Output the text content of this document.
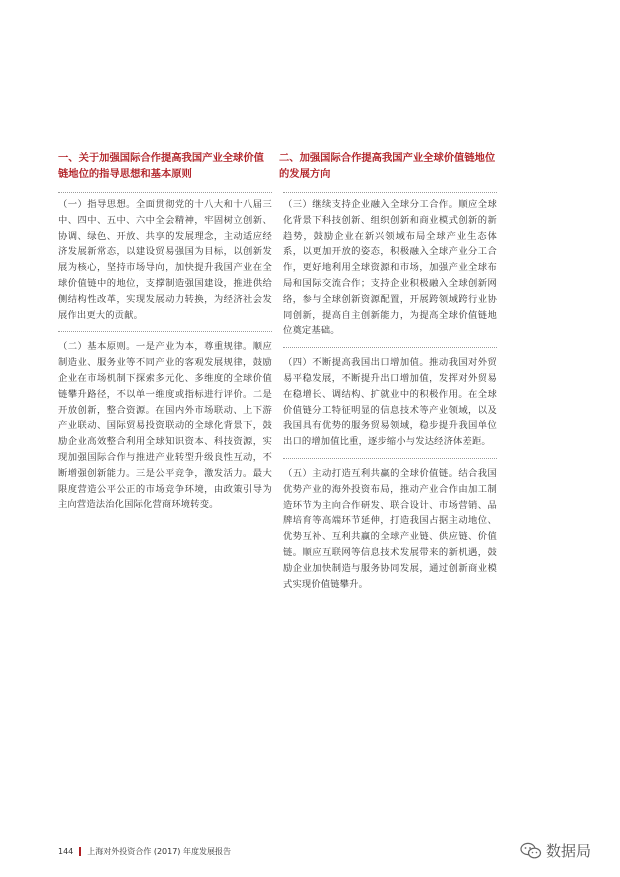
一、关于加强国际合作提高我国产业全球价值链地位的指导思想和基本原则
（一）指导思想。全面贯彻党的十八大和十八届三中、四中、五中、六中全会精神，牢固树立创新、协调、绿色、开放、共享的发展理念，主动适应经济发展新常态，以建设贸易强国为目标，以创新发展为核心，坚持市场导向，加快提升我国产业在全球价值链中的地位，支撑制造强国建设，推进供给侧结构性改革，实现发展动力转换，为经济社会发展作出更大的贡献。
（二）基本原则。一是产业为本，尊重规律。顺应制造业、服务业等不同产业的客观发展规律，鼓励企业在市场机制下探索多元化、多维度的全球价值链攀升路径，不以单一维度或指标进行评价。二是开放创新，整合资源。在国内外市场联动、上下游产业联动、国际贸易投资联动的全球化背景下，鼓励企业高效整合利用全球知识资本、科技资源，实现加强国际合作与推进产业转型升级良性互动，不断增强创新能力。三是公平竞争，激发活力。最大限度营造公平公正的市场竞争环境，由政策引导为主向营造法治化国际化营商环境转变。
二、加强国际合作提高我国产业全球价值链地位的发展方向
（三）继续支持企业融入全球分工合作。顺应全球化背景下科技创新、组织创新和商业模式创新的新趋势，鼓励企业在新兴领域布局全球产业生态体系，以更加开放的姿态，积极融入全球产业分工合作，更好地利用全球资源和市场，加强产业全球布局和国际交流合作；支持企业积极融入全球创新网络，参与全球创新资源配置，开展跨领域跨行业协同创新，提高自主创新能力，为提高全球价值链地位奠定基础。
（四）不断提高我国出口增加值。推动我国对外贸易平稳发展，不断提升出口增加值，发挥对外贸易在稳增长、调结构、扩就业中的积极作用。在全球价值链分工特征明显的信息技术等产业领域，以及我国具有优势的服务贸易领域，稳步提升我国单位出口的增加值比重，逐步缩小与发达经济体差距。
（五）主动打造互利共赢的全球价值链。结合我国优势产业的海外投资布局，推动产业合作由加工制造环节为主向合作研发、联合设计、市场营销、品牌培育等高端环节延伸，打造我国占据主动地位、优势互补、互利共赢的全球产业链、供应链、价值链。顺应互联网等信息技术发展带来的新机遇，鼓励企业加快制造与服务协同发展，通过创新商业模式实现价值链攀升。
144 上海对外投资合作 (2017) 年度发展报告	数据局
